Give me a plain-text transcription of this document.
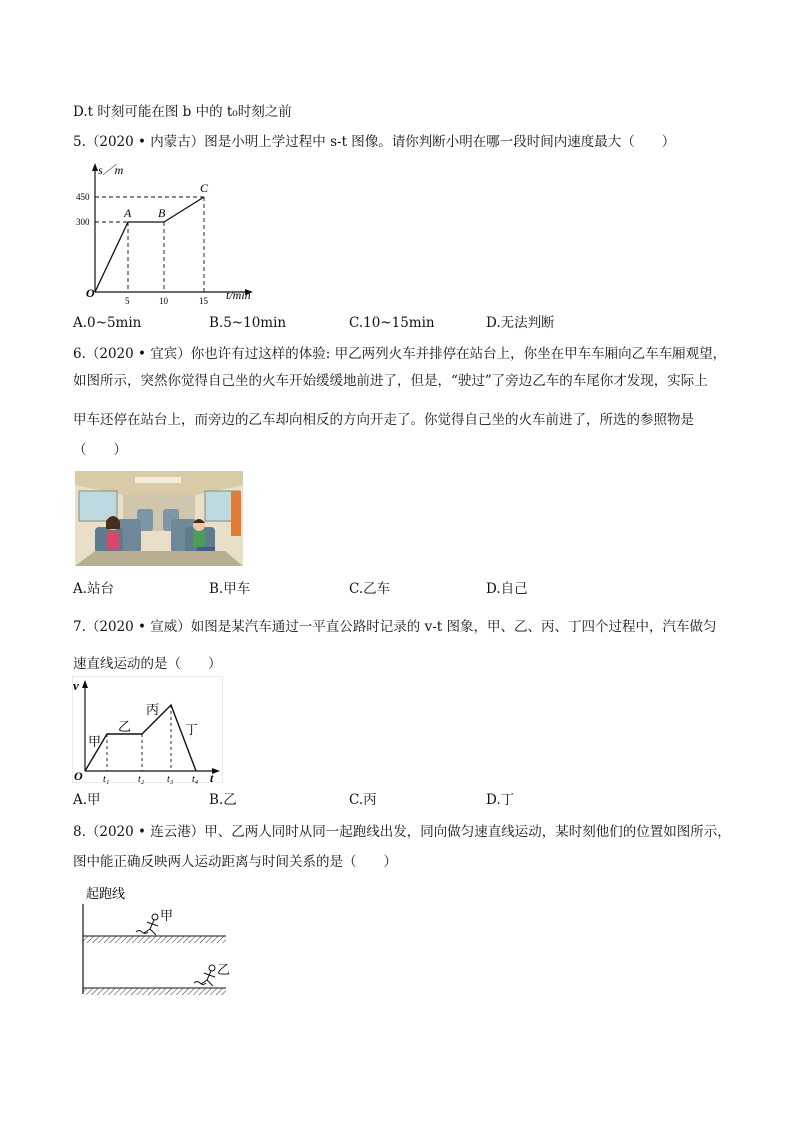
D.t 时刻可能在图 b 中的 t₀时刻之前
5.（2020 • 内蒙古）图是小明上学过程中 s-t 图像。请你判断小明在哪一段时间内速度最大（　　）
s／m
450
300
O
5	10	15 t/min
A B
C
A.0~5min	B.5~10min	C.10~15min	D.无法判断
6.（2020 • 宜宾）你也许有过这样的体验: 甲乙两列火车并排停在站台上，你坐在甲车车厢向乙车车厢观望，
如图所示，突然你觉得自己坐的火车开始缓缓地前进了，但是，“驶过”了旁边乙车的车尾你才发现，实际上
甲车还停在站台上，而旁边的乙车却向相反的方向开走了。你觉得自己坐的火车前进了，所选的参照物是
（　　）
A.站台	B.甲车	C.乙车	D.自己
7.（2020 • 宣威）如图是某汽车通过一平直公路时记录的 v-t 图象，甲、乙、丙、丁四个过程中，汽车做匀
速直线运动的是（　　）
v
O	t
甲
乙
丙
丁
t₁	t₂ t₃ t₄
A.甲	B.乙	C.丙	D.丁
8.（2020 • 连云港）甲、乙两人同时从同一起跑线出发，同向做匀速直线运动，某时刻他们的位置如图所示，
图中能正确反映两人运动距离与时间关系的是（　　）
起跑线
甲
乙
